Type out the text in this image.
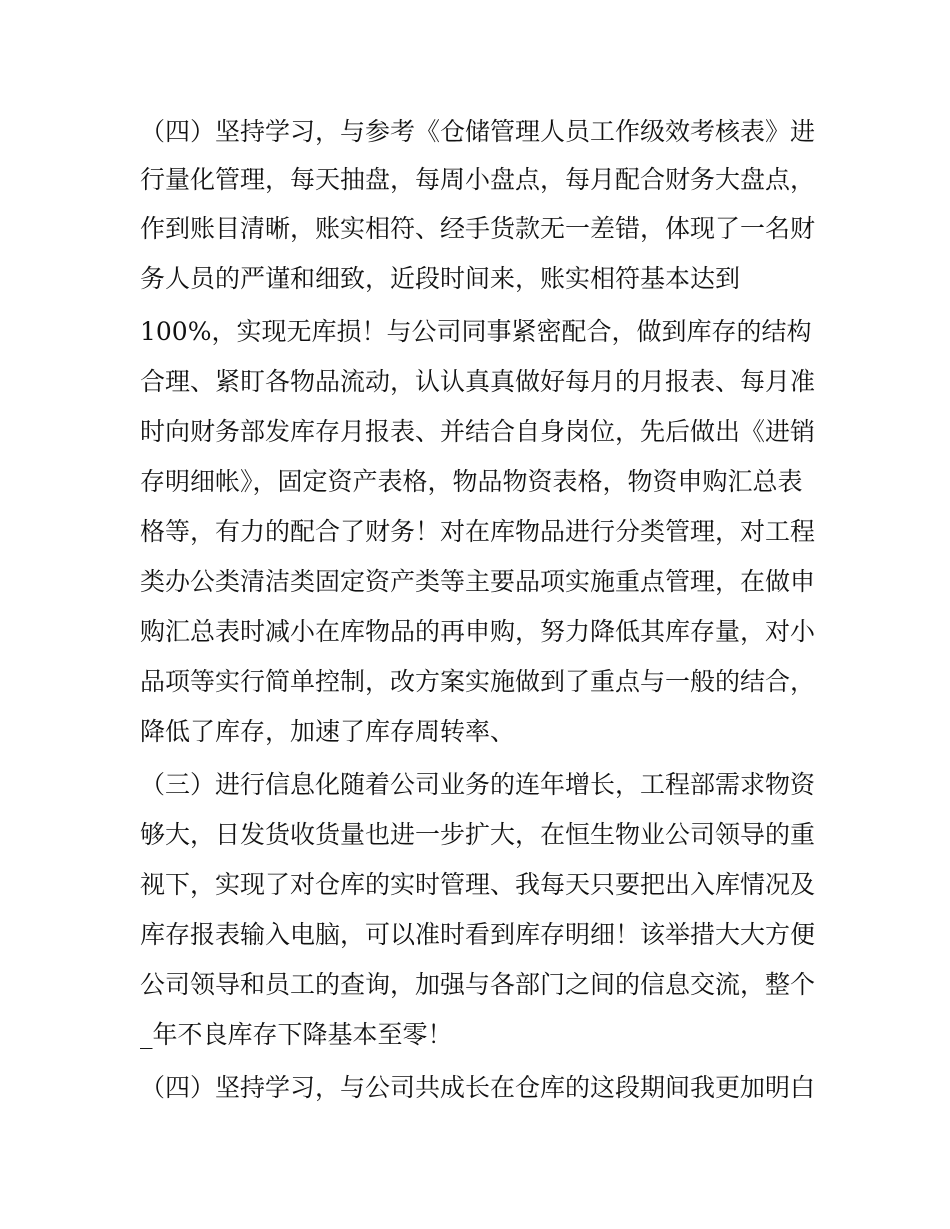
（四）坚持学习，与参考《仓储管理人员工作级效考核表》进
行量化管理，每天抽盘，每周小盘点，每月配合财务大盘点，
作到账目清晰，账实相符、经手货款无一差错，体现了一名财
务人员的严谨和细致，近段时间来，账实相符基本达到
100%，实现无库损！与公司同事紧密配合，做到库存的结构
合理、紧盯各物品流动，认认真真做好每月的月报表、每月准
时向财务部发库存月报表、并结合自身岗位，先后做出《进销
存明细帐》，固定资产表格，物品物资表格，物资申购汇总表
格等，有力的配合了财务！对在库物品进行分类管理，对工程
类办公类清洁类固定资产类等主要品项实施重点管理，在做申
购汇总表时减小在库物品的再申购，努力降低其库存量，对小
品项等实行简单控制，改方案实施做到了重点与一般的结合，
降低了库存，加速了库存周转率、
（三）进行信息化随着公司业务的连年增长，工程部需求物资
够大，日发货收货量也进一步扩大，在恒生物业公司领导的重
视下，实现了对仓库的实时管理、我每天只要把出入库情况及
库存报表输入电脑，可以准时看到库存明细！该举措大大方便
公司领导和员工的查询，加强与各部门之间的信息交流，整个
_年不良库存下降基本至零！
（四）坚持学习，与公司共成长在仓库的这段期间我更加明白
